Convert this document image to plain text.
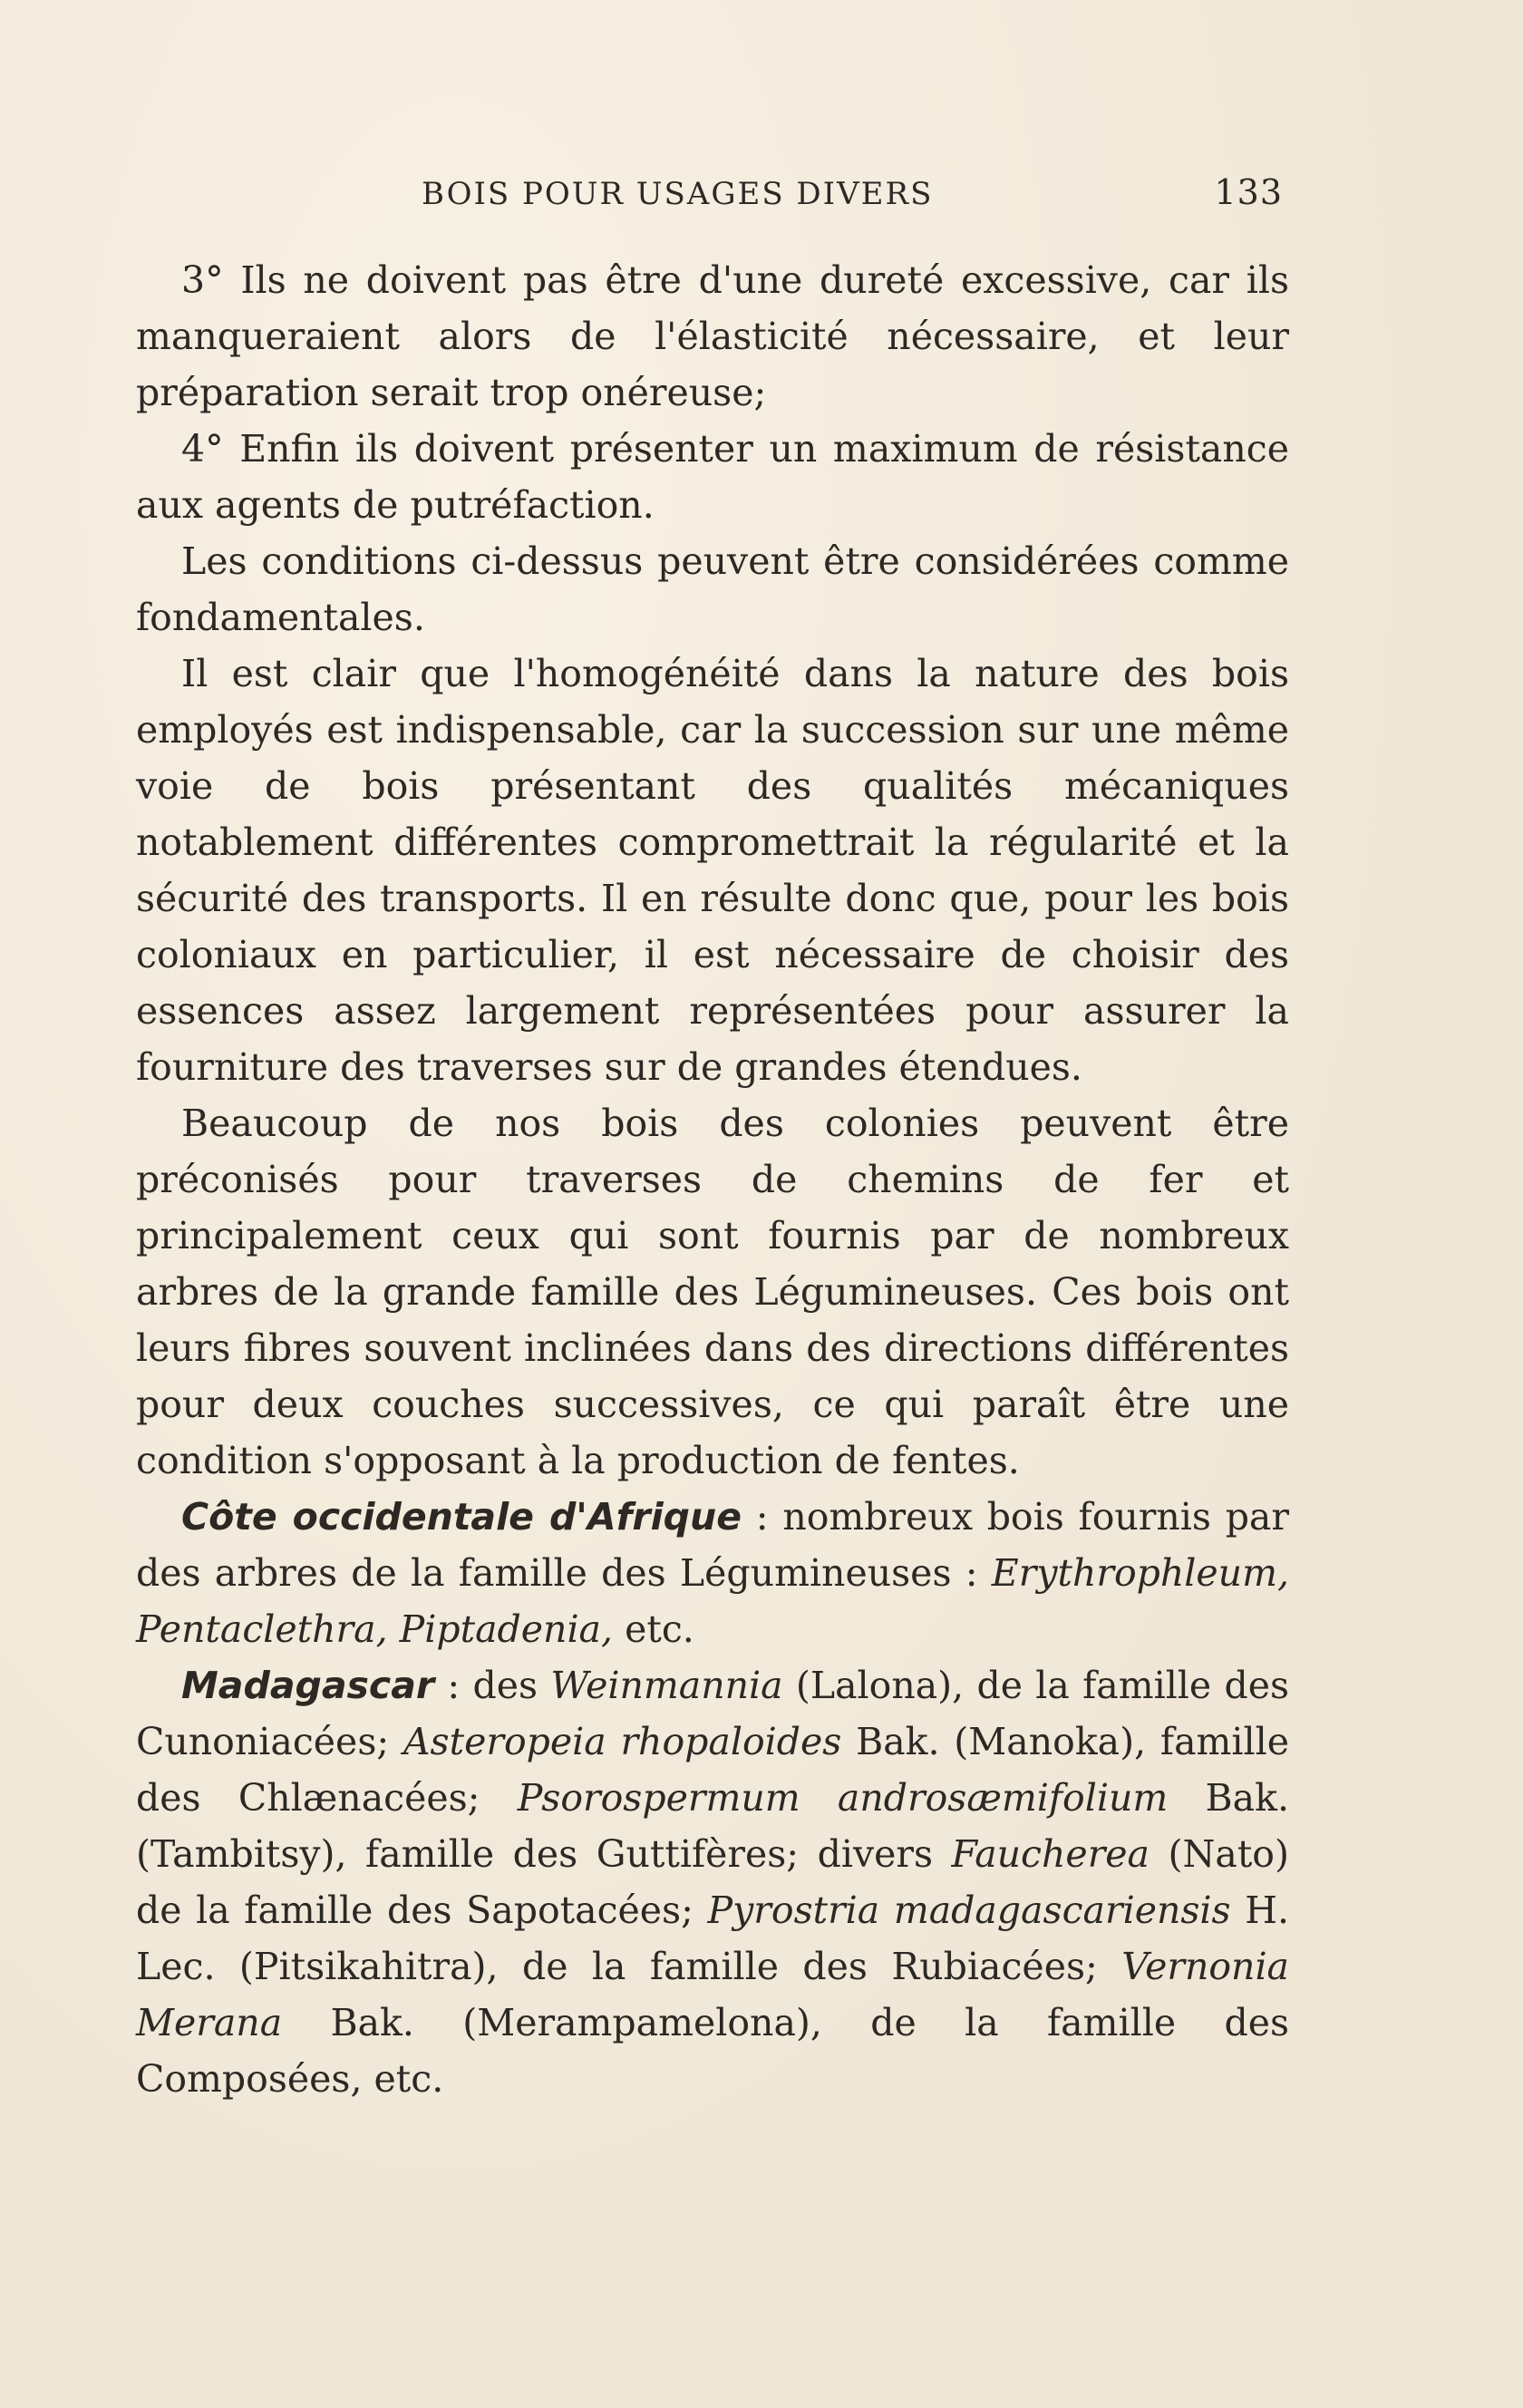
BOIS POUR USAGES DIVERS	133

3° Ils ne doivent pas être d'une dureté excessive, car ils manqueraient alors de l'élasticité nécessaire, et leur préparation serait trop onéreuse;

4° Enfin ils doivent présenter un maximum de résistance aux agents de putréfaction.

Les conditions ci-dessus peuvent être considérées comme fondamentales.

Il est clair que l'homogénéité dans la nature des bois employés est indispensable, car la succession sur une même voie de bois présentant des qualités mécaniques notablement différentes compromettrait la régularité et la sécurité des transports. Il en résulte donc que, pour les bois coloniaux en particulier, il est nécessaire de choisir des essences assez largement représentées pour assurer la fourniture des traverses sur de grandes étendues.

Beaucoup de nos bois des colonies peuvent être préconisés pour traverses de chemins de fer et principalement ceux qui sont fournis par de nombreux arbres de la grande famille des Légumineuses. Ces bois ont leurs fibres souvent inclinées dans des directions différentes pour deux couches successives, ce qui paraît être une condition s'opposant à la production de fentes.

Côte occidentale d'Afrique : nombreux bois fournis par des arbres de la famille des Légumineuses : Erythrophleum, Pentaclethra, Piptadenia, etc.

Madagascar : des Weinmannia (Lalona), de la famille des Cunoniacées; Asteropeia rhopaloides Bak. (Manoka), famille des Chlænacées; Psorospermum androsæmifolium Bak. (Tambitsy), famille des Guttifères; divers Faucherea (Nato) de la famille des Sapotacées; Pyrostria madagascariensis H. Lec. (Pitsikahitra), de la famille des Rubiacées; Vernonia Merana Bak. (Merampamelona), de la famille des Composées, etc.
